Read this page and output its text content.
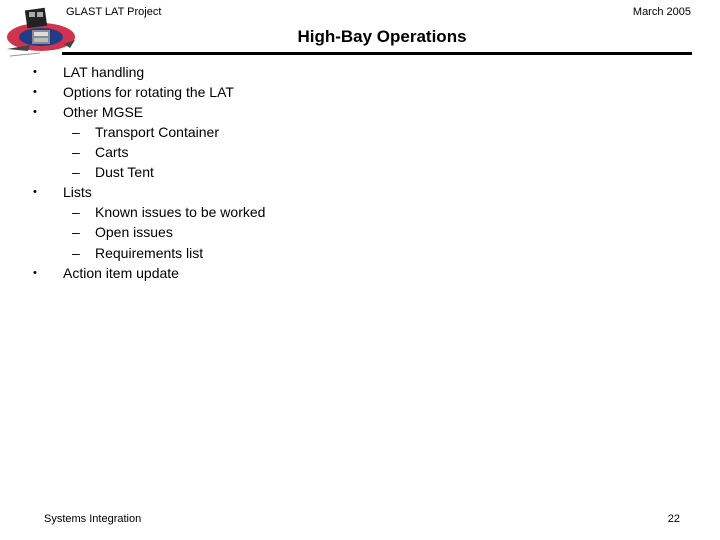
GLAST LAT Project	March 2005
High-Bay Operations
• LAT handling
• Options for rotating the LAT
• Other MGSE
– Transport Container
– Carts
– Dust Tent
• Lists
– Known issues to be worked
– Open issues
– Requirements list
• Action item update
Systems Integration	22
